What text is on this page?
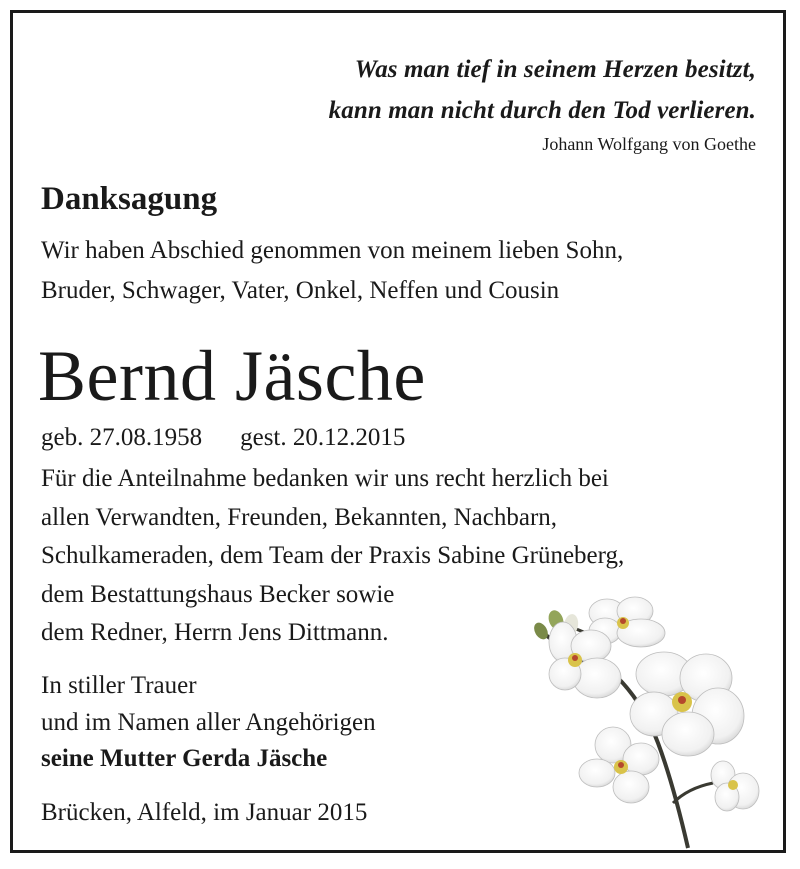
Was man tief in seinem Herzen besitzt,
kann man nicht durch den Tod verlieren.
Johann Wolfgang von Goethe
Danksagung
Wir haben Abschied genommen von meinem lieben Sohn,
Bruder, Schwager, Vater, Onkel, Neffen und Cousin
Bernd Jäsche
geb. 27.08.1958 gest. 20.12.2015
Für die Anteilnahme bedanken wir uns recht herzlich bei
allen Verwandten, Freunden, Bekannten, Nachbarn,
Schulkameraden, dem Team der Praxis Sabine Grüneberg,
dem Bestattungshaus Becker sowie
dem Redner, Herrn Jens Dittmann.
In stiller Trauer
und im Namen aller Angehörigen
seine Mutter Gerda Jäsche
Brücken, Alfeld, im Januar 2015
